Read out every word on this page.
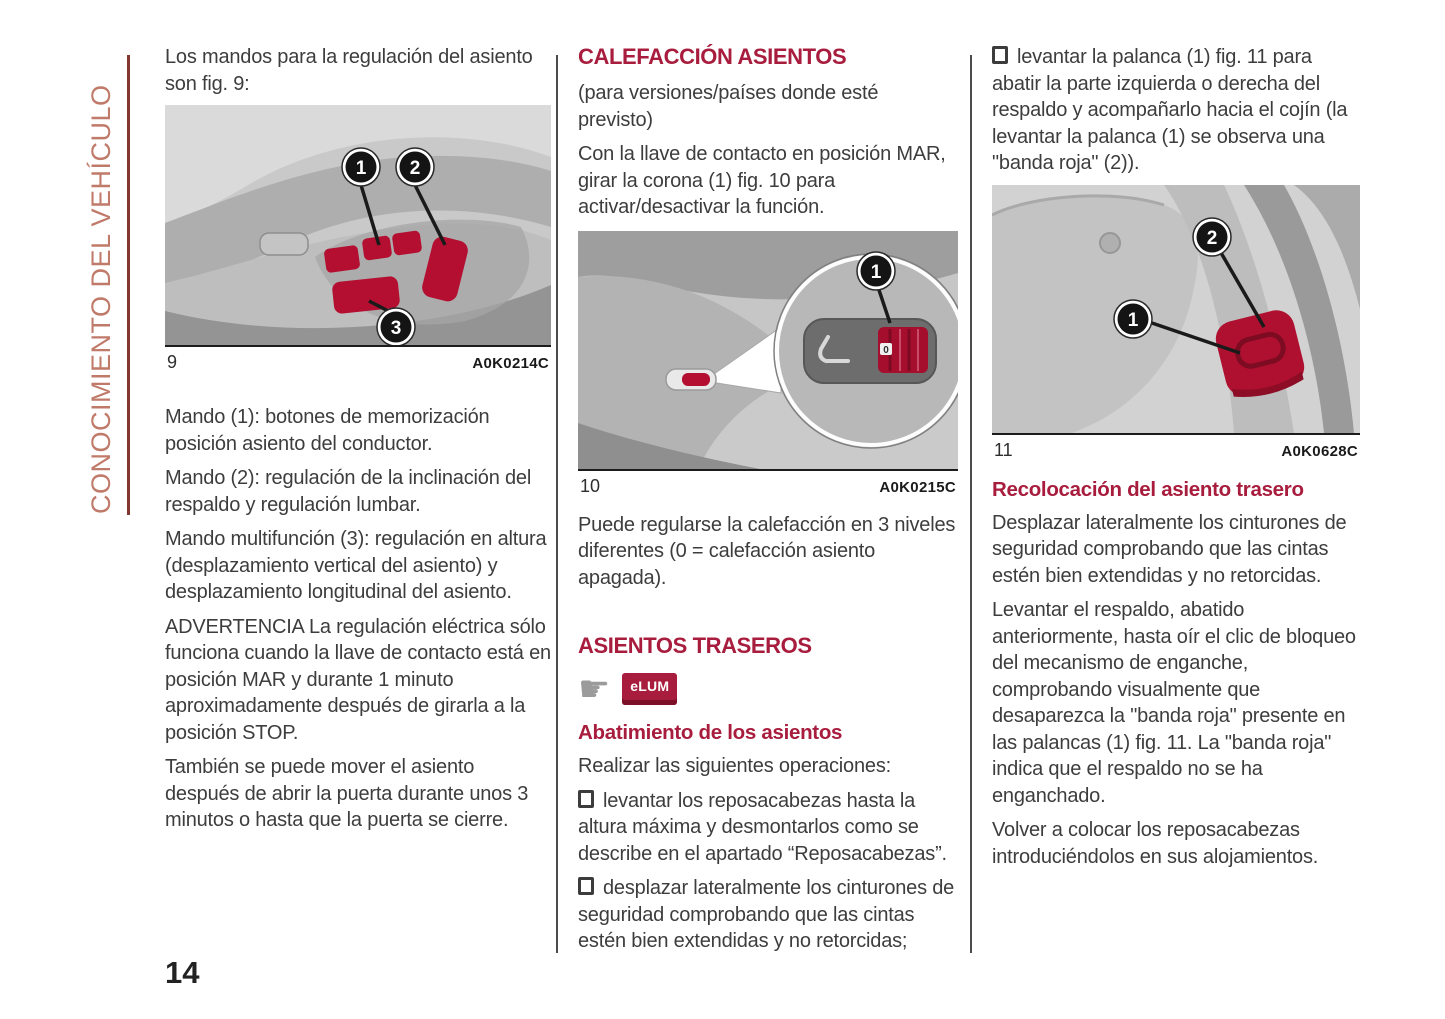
CONOCIMIENTO DEL VEHÍCULO
14

Los mandos para la regulación del asiento son fig. 9:

1 2
3
9	A0K0214C

Mando (1): botones de memorización posición asiento del conductor.

Mando (2): regulación de la inclinación del respaldo y regulación lumbar.

Mando multifunción (3): regulación en altura (desplazamiento vertical del asiento) y desplazamiento longitudinal del asiento.

ADVERTENCIA La regulación eléctrica sólo funciona cuando la llave de contacto está en posición MAR y durante 1 minuto aproximadamente después de girarla a la posición STOP.

También se puede mover el asiento después de abrir la puerta durante unos 3 minutos o hasta que la puerta se cierre.

CALEFACCIÓN ASIENTOS

(para versiones/países donde esté previsto)

Con la llave de contacto en posición MAR, girar la corona (1) fig. 10 para activar/desactivar la función.

0
1
10	A0K0215C

Puede regularse la calefacción en 3 niveles diferentes (0 = calefacción asiento apagada).

ASIENTOS TRASEROS
☛	eLUM
Abatimiento de los asientos

Realizar las siguientes operaciones:

levantar los reposacabezas hasta la altura máxima y desmontarlos como se describe en el apartado “Reposacabezas”.

desplazar lateralmente los cinturones de seguridad comprobando que las cintas estén bien extendidas y no retorcidas;

levantar la palanca (1) fig. 11 para abatir la parte izquierda o derecha del respaldo y acompañarlo hacia el cojín (la levantar la palanca (1) se observa una "banda roja" (2)).

2
1
11	A0K0628C
Recolocación del asiento trasero

Desplazar lateralmente los cinturones de seguridad comprobando que las cintas estén bien extendidas y no retorcidas.

Levantar el respaldo, abatido anteriormente, hasta oír el clic de bloqueo del mecanismo de enganche, comprobando visualmente que desaparezca la "banda roja" presente en las palancas (1) fig. 11. La "banda roja" indica que el respaldo no se ha enganchado.

Volver a colocar los reposacabezas introduciéndolos en sus alojamientos.
